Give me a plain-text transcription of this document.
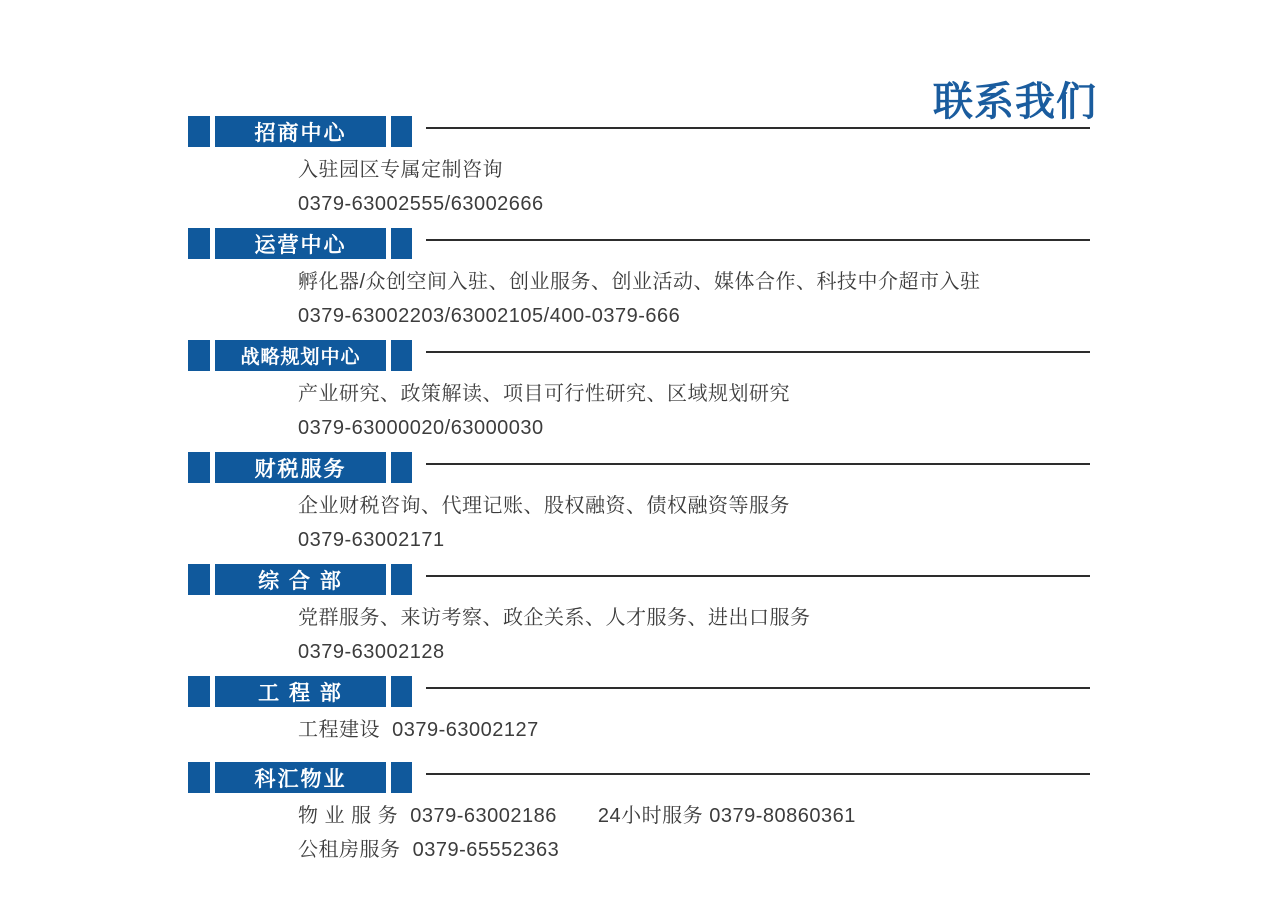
联系我们
招商中心
入驻园区专属定制咨询
0379-63002555/63002666
运营中心
孵化器/众创空间入驻、创业服务、创业活动、媒体合作、科技中介超市入驻
0379-63002203/63002105/400-0379-666
战略规划中心
产业研究、政策解读、项目可行性研究、区域规划研究
0379-63000020/63000030
财税服务
企业财税咨询、代理记账、股权融资、债权融资等服务
0379-63002171
综 合 部
党群服务、来访考察、政企关系、人才服务、进出口服务
0379-63002128
工 程 部
工程建设  0379-63002127
科汇物业
物 业 服 务  0379-63002186　　24小时服务 0379-80860361
公租房服务  0379-65552363
